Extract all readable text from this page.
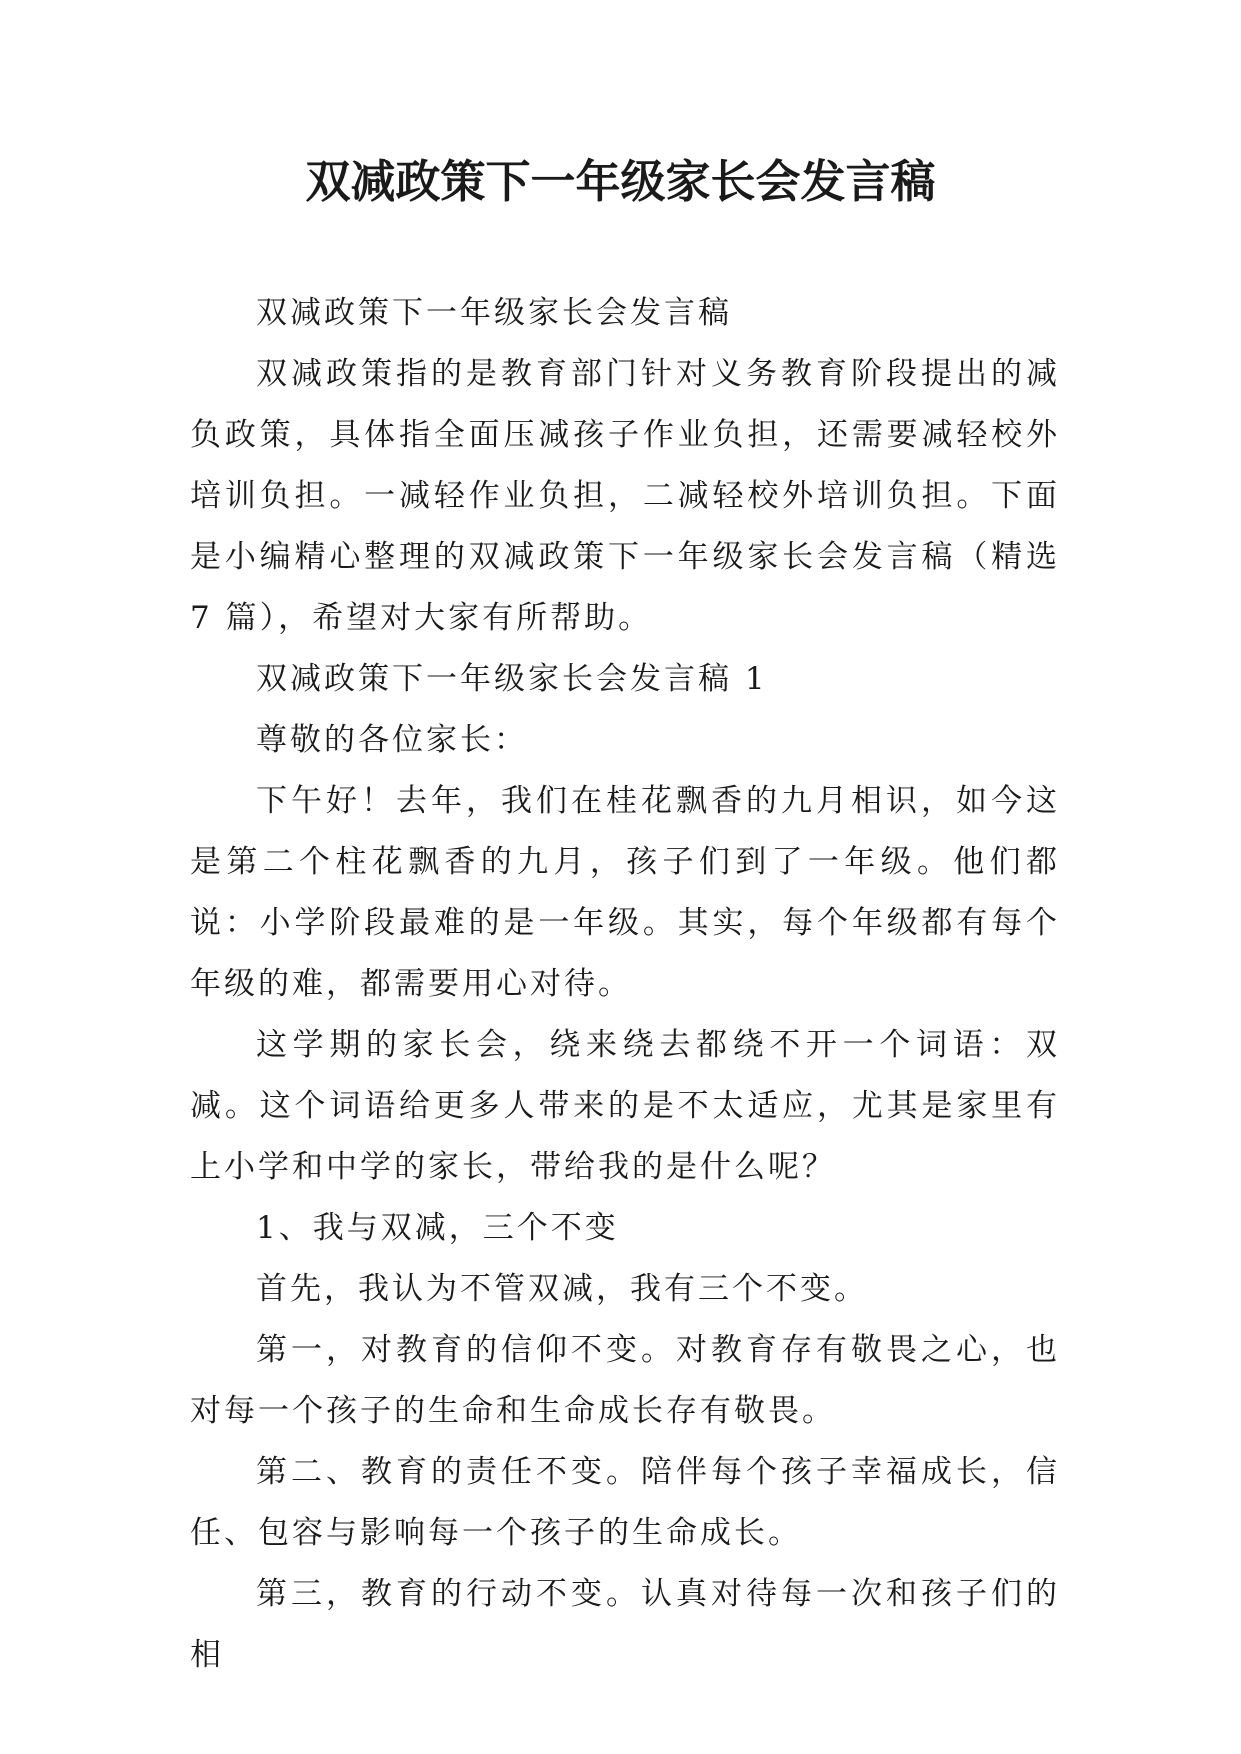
双减政策下一年级家长会发言稿

双减政策下一年级家长会发言稿

双减政策指的是教育部门针对义务教育阶段提出的减负政策，具体指全面压减孩子作业负担，还需要减轻校外培训负担。一减轻作业负担，二减轻校外培训负担。下面是小编精心整理的双减政策下一年级家长会发言稿（精选 7 篇），希望对大家有所帮助。

双减政策下一年级家长会发言稿 1

尊敬的各位家长：

下午好！去年，我们在桂花飘香的九月相识，如今这是第二个柱花飘香的九月，孩子们到了一年级。他们都说：小学阶段最难的是一年级。其实，每个年级都有每个年级的难，都需要用心对待。

这学期的家长会，绕来绕去都绕不开一个词语：双减。这个词语给更多人带来的是不太适应，尤其是家里有上小学和中学的家长，带给我的是什么呢？

1、我与双减，三个不变

首先，我认为不管双减，我有三个不变。

第一，对教育的信仰不变。对教育存有敬畏之心，也对每一个孩子的生命和生命成长存有敬畏。

第二、教育的责任不变。陪伴每个孩子幸福成长，信任、包容与影响每一个孩子的生命成长。

第三，教育的行动不变。认真对待每一次和孩子们的相
